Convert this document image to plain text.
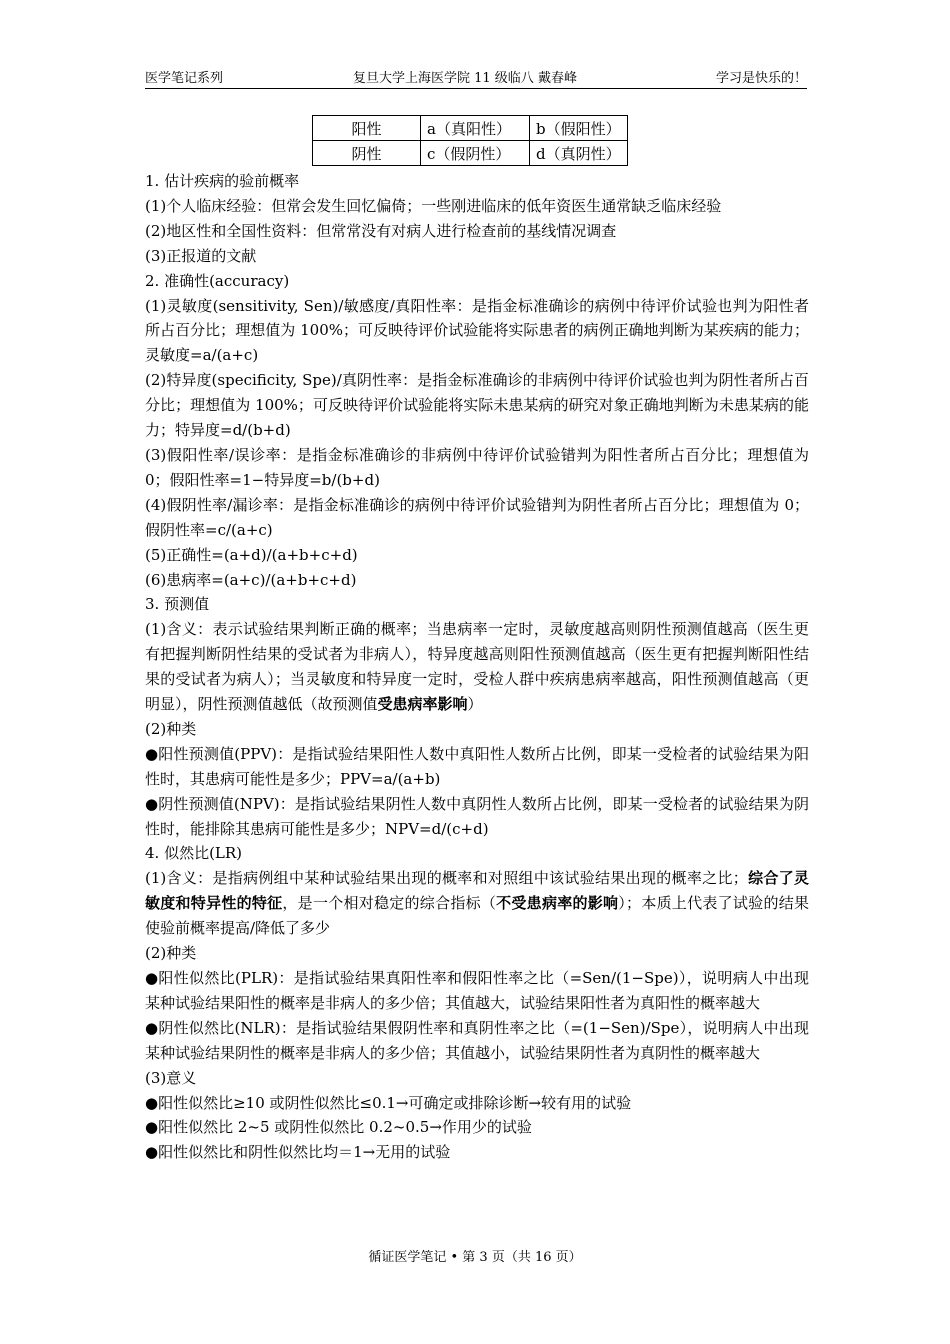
医学笔记系列	复旦大学上海医学院 11 级临八 戴春峰	学习是快乐的！
阳性	a（真阳性）	b（假阳性）
阴性	c（假阴性）	d（真阴性）

1. 估计疾病的验前概率

(1)个人临床经验：但常会发生回忆偏倚；一些刚进临床的低年资医生通常缺乏临床经验

(2)地区性和全国性资料：但常常没有对病人进行检查前的基线情况调查

(3)正报道的文献

2. 准确性(accuracy)

(1)灵敏度(sensitivity, Sen)/敏感度/真阳性率：是指金标准确诊的病例中待评价试验也判为阳性者所占百分比；理想值为 100%；可反映待评价试验能将实际患者的病例正确地判断为某疾病的能力；灵敏度=a/(a+c)

(2)特异度(specificity, Spe)/真阴性率：是指金标准确诊的非病例中待评价试验也判为阴性者所占百分比；理想值为 100%；可反映待评价试验能将实际未患某病的研究对象正确地判断为未患某病的能力；特异度=d/(b+d)

(3)假阳性率/误诊率：是指金标准确诊的非病例中待评价试验错判为阳性者所占百分比；理想值为 0；假阳性率=1−特异度=b/(b+d)

(4)假阴性率/漏诊率：是指金标准确诊的病例中待评价试验错判为阴性者所占百分比；理想值为 0；假阴性率=c/(a+c)

(5)正确性=(a+d)/(a+b+c+d)

(6)患病率=(a+c)/(a+b+c+d)

3. 预测值

(1)含义：表示试验结果判断正确的概率；当患病率一定时，灵敏度越高则阴性预测值越高（医生更有把握判断阴性结果的受试者为非病人），特异度越高则阳性预测值越高（医生更有把握判断阳性结果的受试者为病人）；当灵敏度和特异度一定时，受检人群中疾病患病率越高，阳性预测值越高（更明显），阴性预测值越低（故预测值受患病率影响）

(2)种类

●阳性预测值(PPV)：是指试验结果阳性人数中真阳性人数所占比例，即某一受检者的试验结果为阳性时，其患病可能性是多少；PPV=a/(a+b)

●阴性预测值(NPV)：是指试验结果阴性人数中真阴性人数所占比例，即某一受检者的试验结果为阴性时，能排除其患病可能性是多少；NPV=d/(c+d)

4. 似然比(LR)

(1)含义：是指病例组中某种试验结果出现的概率和对照组中该试验结果出现的概率之比；综合了灵敏度和特异性的特征，是一个相对稳定的综合指标（不受患病率的影响）；本质上代表了试验的结果使验前概率提高/降低了多少

(2)种类

●阳性似然比(PLR)：是指试验结果真阳性率和假阳性率之比（=Sen/(1−Spe)），说明病人中出现某种试验结果阳性的概率是非病人的多少倍；其值越大，试验结果阳性者为真阳性的概率越大

●阴性似然比(NLR)：是指试验结果假阴性率和真阴性率之比（=(1−Sen)/Spe），说明病人中出现某种试验结果阴性的概率是非病人的多少倍；其值越小，试验结果阴性者为真阴性的概率越大

(3)意义

●阳性似然比≥10 或阴性似然比≤0.1→可确定或排除诊断→较有用的试验

●阳性似然比 2~5 或阴性似然比 0.2~0.5→作用少的试验

●阳性似然比和阴性似然比均＝1→无用的试验

循证医学笔记 • 第 3 页（共 16 页）
